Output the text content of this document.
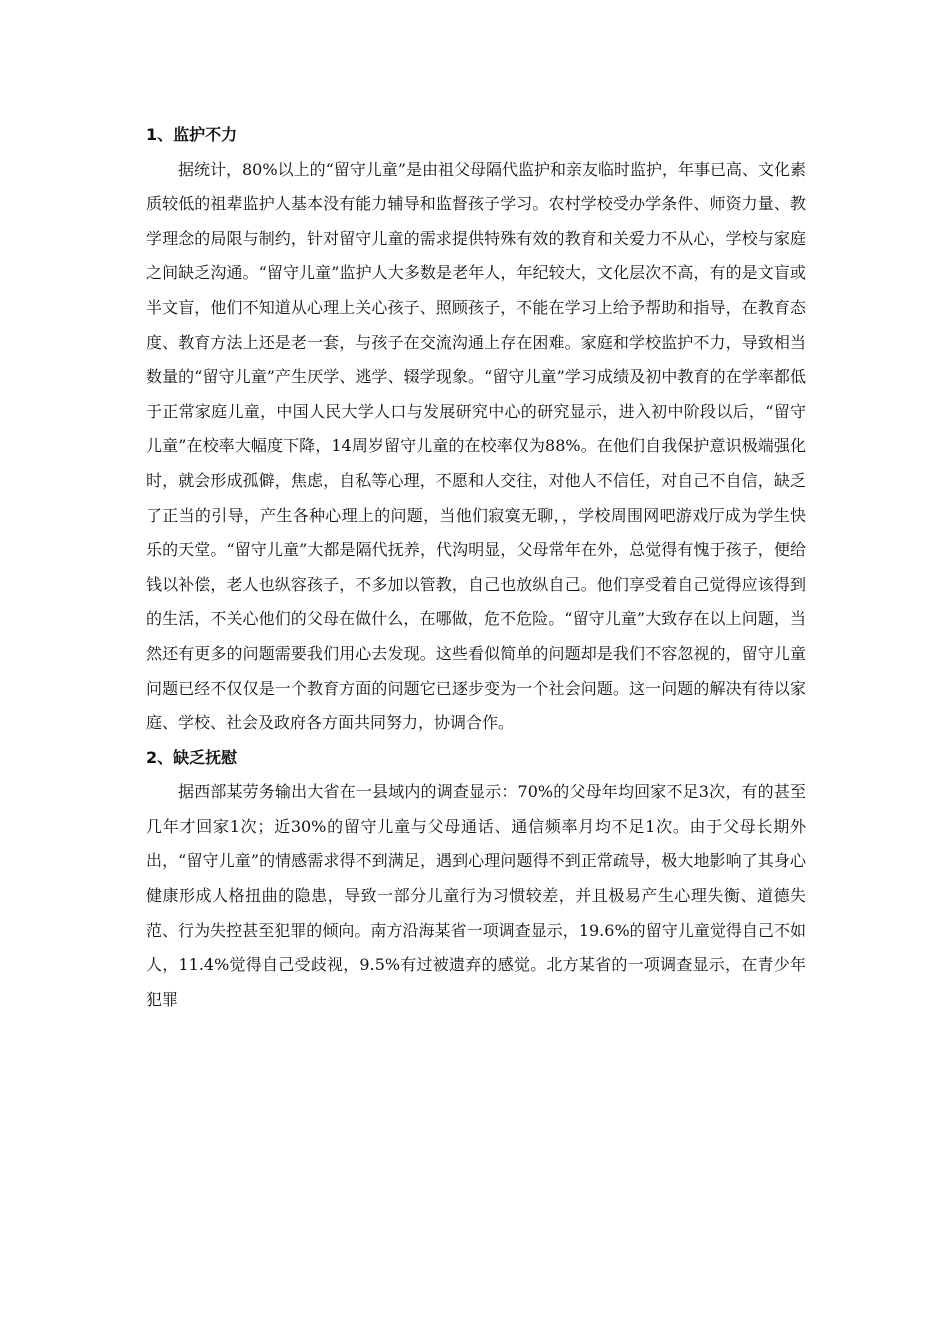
1、监护不力

据统计，80%以上的“留守儿童”是由祖父母隔代监护和亲友临时监护，年事已高、文化素质较低的祖辈监护人基本没有能力辅导和监督孩子学习。农村学校受办学条件、师资力量、教学理念的局限与制约，针对留守儿童的需求提供特殊有效的教育和关爱力不从心，学校与家庭之间缺乏沟通。“留守儿童”监护人大多数是老年人，年纪较大，文化层次不高，有的是文盲或半文盲，他们不知道从心理上关心孩子、照顾孩子，不能在学习上给予帮助和指导，在教育态度、教育方法上还是老一套，与孩子在交流沟通上存在困难。家庭和学校监护不力，导致相当数量的“留守儿童”产生厌学、逃学、辍学现象。“留守儿童”学习成绩及初中教育的在学率都低于正常家庭儿童，中国人民大学人口与发展研究中心的研究显示，进入初中阶段以后，“留守儿童”在校率大幅度下降，14周岁留守儿童的在校率仅为88%。在他们自我保护意识极端强化时，就会形成孤僻，焦虑，自私等心理，不愿和人交往，对他人不信任，对自己不自信，缺乏了正当的引导，产生各种心理上的问题，当他们寂寞无聊，，学校周围网吧游戏厅成为学生快乐的天堂。“留守儿童”大都是隔代抚养，代沟明显，父母常年在外，总觉得有愧于孩子，便给钱以补偿，老人也纵容孩子，不多加以管教，自己也放纵自己。他们享受着自己觉得应该得到的生活，不关心他们的父母在做什么，在哪做，危不危险。“留守儿童”大致存在以上问题，当然还有更多的问题需要我们用心去发现。这些看似简单的问题却是我们不容忽视的，留守儿童问题已经不仅仅是一个教育方面的问题它已逐步变为一个社会问题。这一问题的解决有待以家庭、学校、社会及政府各方面共同努力，协调合作。

2、缺乏抚慰

据西部某劳务输出大省在一县域内的调查显示：70%的父母年均回家不足3次，有的甚至几年才回家1次；近30%的留守儿童与父母通话、通信频率月均不足1次。由于父母长期外出，“留守儿童”的情感需求得不到满足，遇到心理问题得不到正常疏导，极大地影响了其身心健康形成人格扭曲的隐患，导致一部分儿童行为习惯较差，并且极易产生心理失衡、道德失范、行为失控甚至犯罪的倾向。南方沿海某省一项调查显示，19.6%的留守儿童觉得自己不如人，11.4%觉得自己受歧视，9.5%有过被遗弃的感觉。北方某省的一项调查显示，在青少年犯罪
